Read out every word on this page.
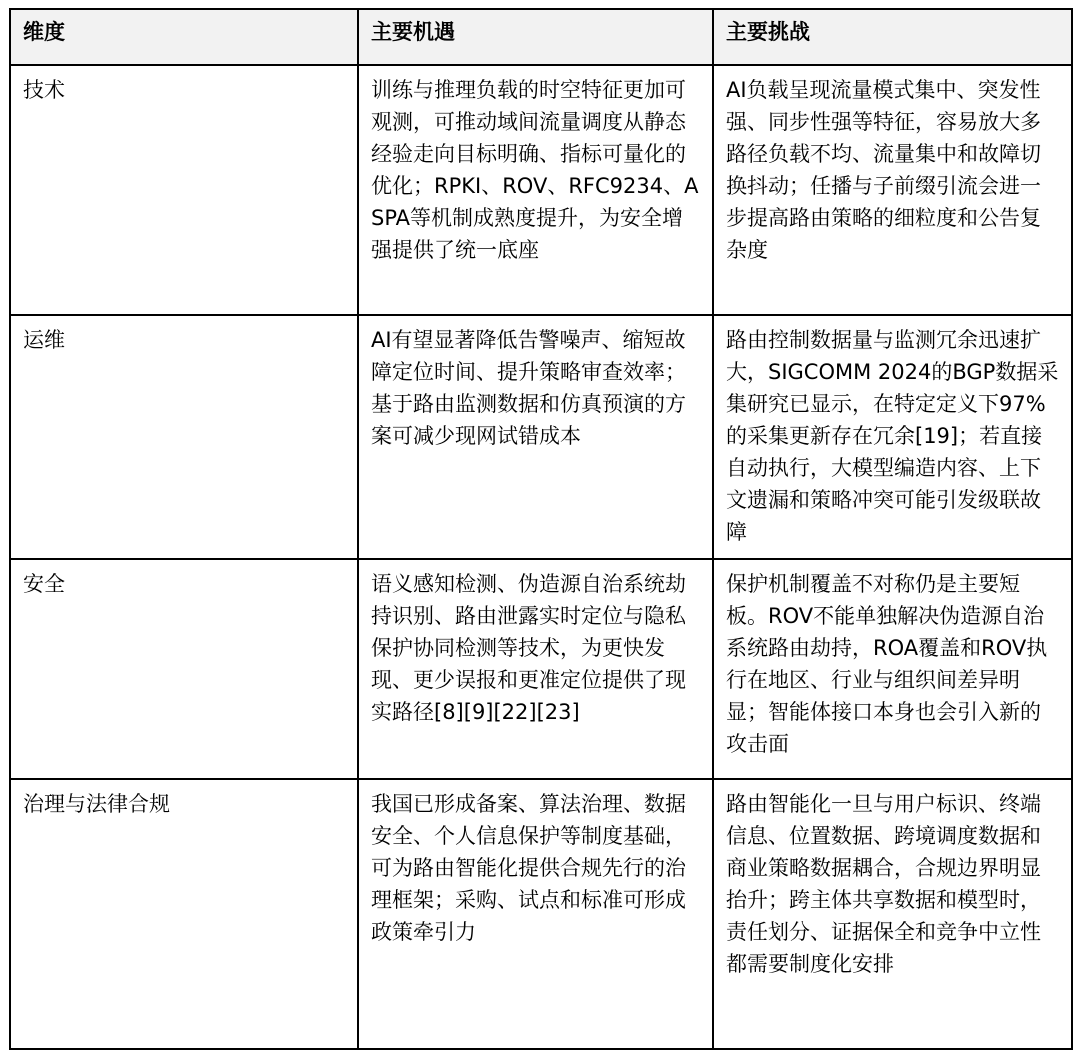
维度	主要机遇	主要挑战
技术	训练与推理负载的时空特征更加可观测，可推动域间流量调度从静态经验走向目标明确、指标可量化的优化；RPKI、ROV、RFC9234、ASPA等机制成熟度提升，为安全增强提供了统一底座	AI负载呈现流量模式集中、突发性强、同步性强等特征，容易放大多路径负载不均、流量集中和故障切换抖动；任播与子前缀引流会进一步提高路由策略的细粒度和公告复杂度
运维	AI有望显著降低告警噪声、缩短故障定位时间、提升策略审查效率；基于路由监测数据和仿真预演的方案可减少现网试错成本	路由控制数据量与监测冗余迅速扩大，SIGCOMM 2024的BGP数据采集研究已显示，在特定定义下97%的采集更新存在冗余[19]；若直接自动执行，大模型编造内容、上下文遗漏和策略冲突可能引发级联故障
安全	语义感知检测、伪造源自治系统劫持识别、路由泄露实时定位与隐私保护协同检测等技术，为更快发现、更少误报和更准定位提供了现实路径[8][9][22][23]	保护机制覆盖不对称仍是主要短板。ROV不能单独解决伪造源自治系统路由劫持，ROA覆盖和ROV执行在地区、行业与组织间差异明显；智能体接口本身也会引入新的攻击面
治理与法律合规	我国已形成备案、算法治理、数据安全、个人信息保护等制度基础，可为路由智能化提供合规先行的治理框架；采购、试点和标准可形成政策牵引力	路由智能化一旦与用户标识、终端信息、位置数据、跨境调度数据和商业策略数据耦合，合规边界明显抬升；跨主体共享数据和模型时，责任划分、证据保全和竞争中立性都需要制度化安排
